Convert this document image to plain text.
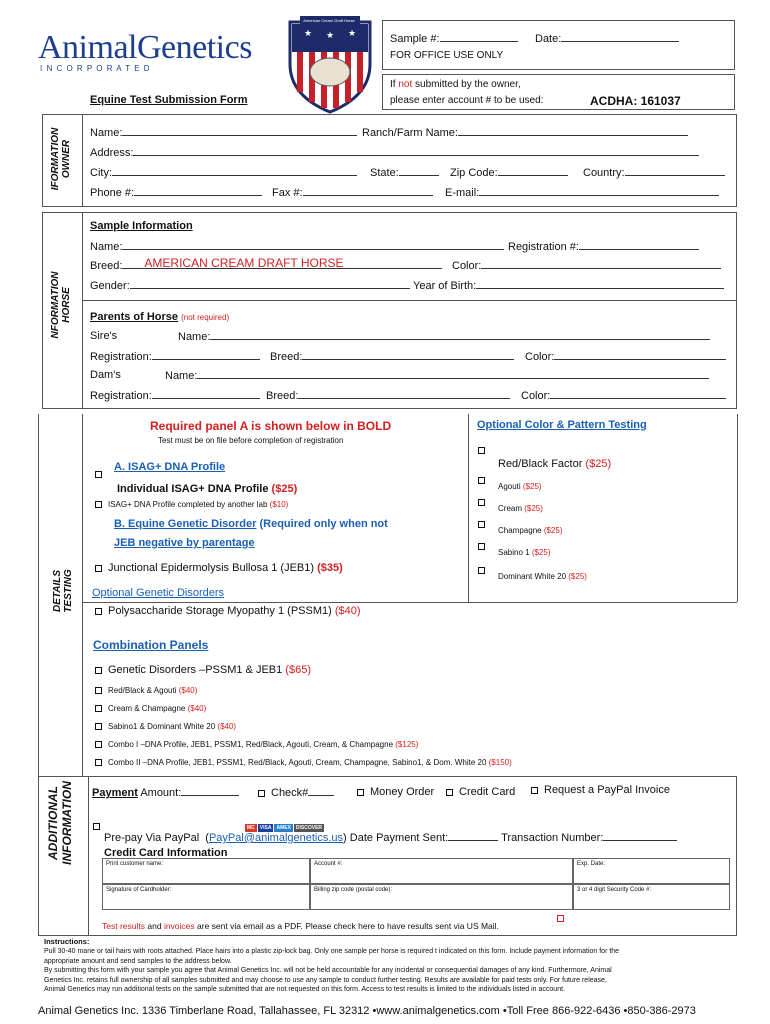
AnimalGenetics
I N C O R P O R A T E D
Equine Test Submission Form
★ ★ ★
American Cream Draft Horse
Sample #:	Date:
FOR OFFICE USE ONLY
If not submitted by the owner,
please enter account # to be used:	ACDHA: 161037
IFORMATION OWNER
Name:	Ranch/Farm Name:
Address:
City:	State:	Zip Code:	Country:
Phone #:	Fax #:	E-mail:
NFORMATION HORSE
Sample Information
Name:	Registration #:
Breed: AMERICAN CREAM DRAFT HORSE	Color:
Gender:	Year of Birth:
Parents of Horse (not required)
Sire's	Name:
Registration:	Breed:	Color:
Dam's	Name:
Registration:	Breed:	Color:
DETAILS TESTING
Required panel A is shown below in BOLD
Test must be on file before completion of registration
A. ISAG+ DNA Profile
Individual ISAG+ DNA Profile ($25)
ISAG+ DNA Profile completed by another lab ($10)
B. Equine Genetic Disorder (Required only when not
JEB negative by parentage
Junctional Epidermolysis Bullosa 1 (JEB1) ($35)
Optional Genetic Disorders
Polysaccharide Storage Myopathy 1 (PSSM1) ($40)
Combination Panels
Genetic Disorders –PSSM1 & JEB1 ($65)
Red/Black & Agouti ($40)
Cream & Champagne ($40)
Sabino1 & Dominant White 20 ($40)
Combo I –DNA Profile, JEB1, PSSM1, Red/Black, Agouti, Cream, & Champagne ($125)
Combo II –DNA Profile, JEB1, PSSM1, Red/Black, Agouti, Cream, Champagne, Sabino1, & Dom. White 20 ($150)
Optional Color & Pattern Testing
Red/Black Factor ($25)
Agouti ($25)
Cream ($25)
Champagne ($25)
Sabino 1 ($25)
Dominant White 20 ($25)
ADDITIONAL INFORMATION Payment Amount:	Check#	Money Order	Credit Card	Request a PayPal Invoice
MC VISA AMEX DISCOVER
Pre-pay Via PayPal  (PayPal@animalgenetics.us) Date Payment Sent:	Transaction Number:
Credit Card Information
Print customer name:	Account #:	Exp. Date:
Signature of Cardholder:	Billing zip code (postal code):	3 or 4 digit Security Code #:
Test results and invoices are sent via email as a PDF. Please check here to have results sent via US Mail.
Instructions:
Pull 30-40 mane or tail hairs with roots attached. Place hairs into a plastic zip-lock bag. Only one sample per horse is required t indicated on this form. Include payment information for the
appropriate amount and send samples to the address below.
By submitting this form with your sample you agree that Animal Genetics Inc. will not be held accountable for any incidental or consequential damages of any kind. Furthermore, Animal
Genetics Inc. retains full ownership of all samples submitted and may choose to use any sample to conduct further testing. Results are available for paid tests only. For future release,
Animal Genetics may run additional tests on the sample submitted that are not requested on this form. Access to test results is limited to the individuals listed in account.
Animal Genetics Inc. 1336 Timberlane Road, Tallahassee, FL 32312 •www.animalgenetics.com •Toll Free 866-922-6436 •850-386-2973
